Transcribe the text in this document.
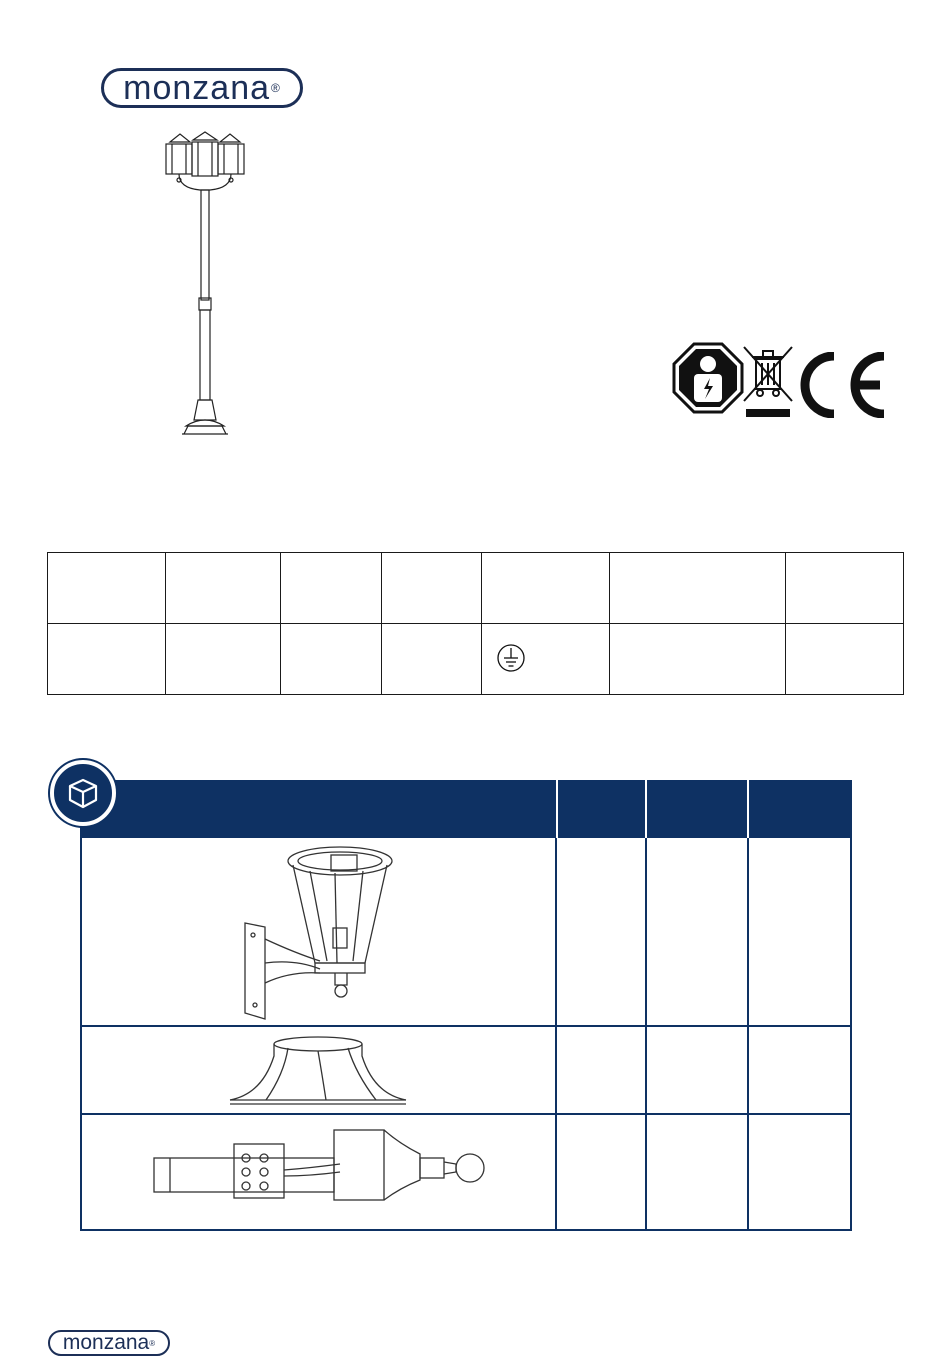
monzana ®

monzana ®
